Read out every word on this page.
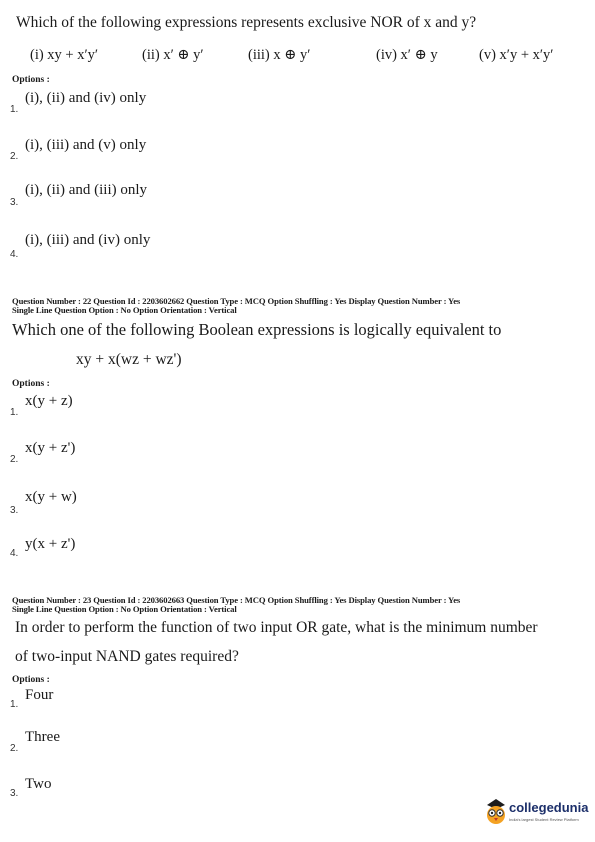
Which of the following expressions represents exclusive NOR of x and y?
(i) xy + x′y′	(ii) x′ ⊕ y′	(iii) x ⊕ y′	(iv) x′ ⊕ y	(v) x′y + x′y′
Options :
1.
(i), (ii) and (iv) only
2.
(i), (iii) and (v) only
3.
(i), (ii) and (iii) only
4.
(i), (iii) and (iv) only
Question Number : 22 Question Id : 2203602662 Question Type : MCQ Option Shuffling : Yes Display Question Number : Yes
Single Line Question Option : No Option Orientation : Vertical
Which one of the following Boolean expressions is logically equivalent to
xy + x(wz + wz')
Options :
1.
x(y + z)
2.
x(y + z')
3.
x(y + w)
4.
y(x + z')
Question Number : 23 Question Id : 2203602663 Question Type : MCQ Option Shuffling : Yes Display Question Number : Yes
Single Line Question Option : No Option Orientation : Vertical
In order to perform the function of two input OR gate, what is the minimum number
of two-input NAND gates required?
Options :
1.
Four
2.
Three
3.
Two
collegedunia
India's largest Student Review Platform
